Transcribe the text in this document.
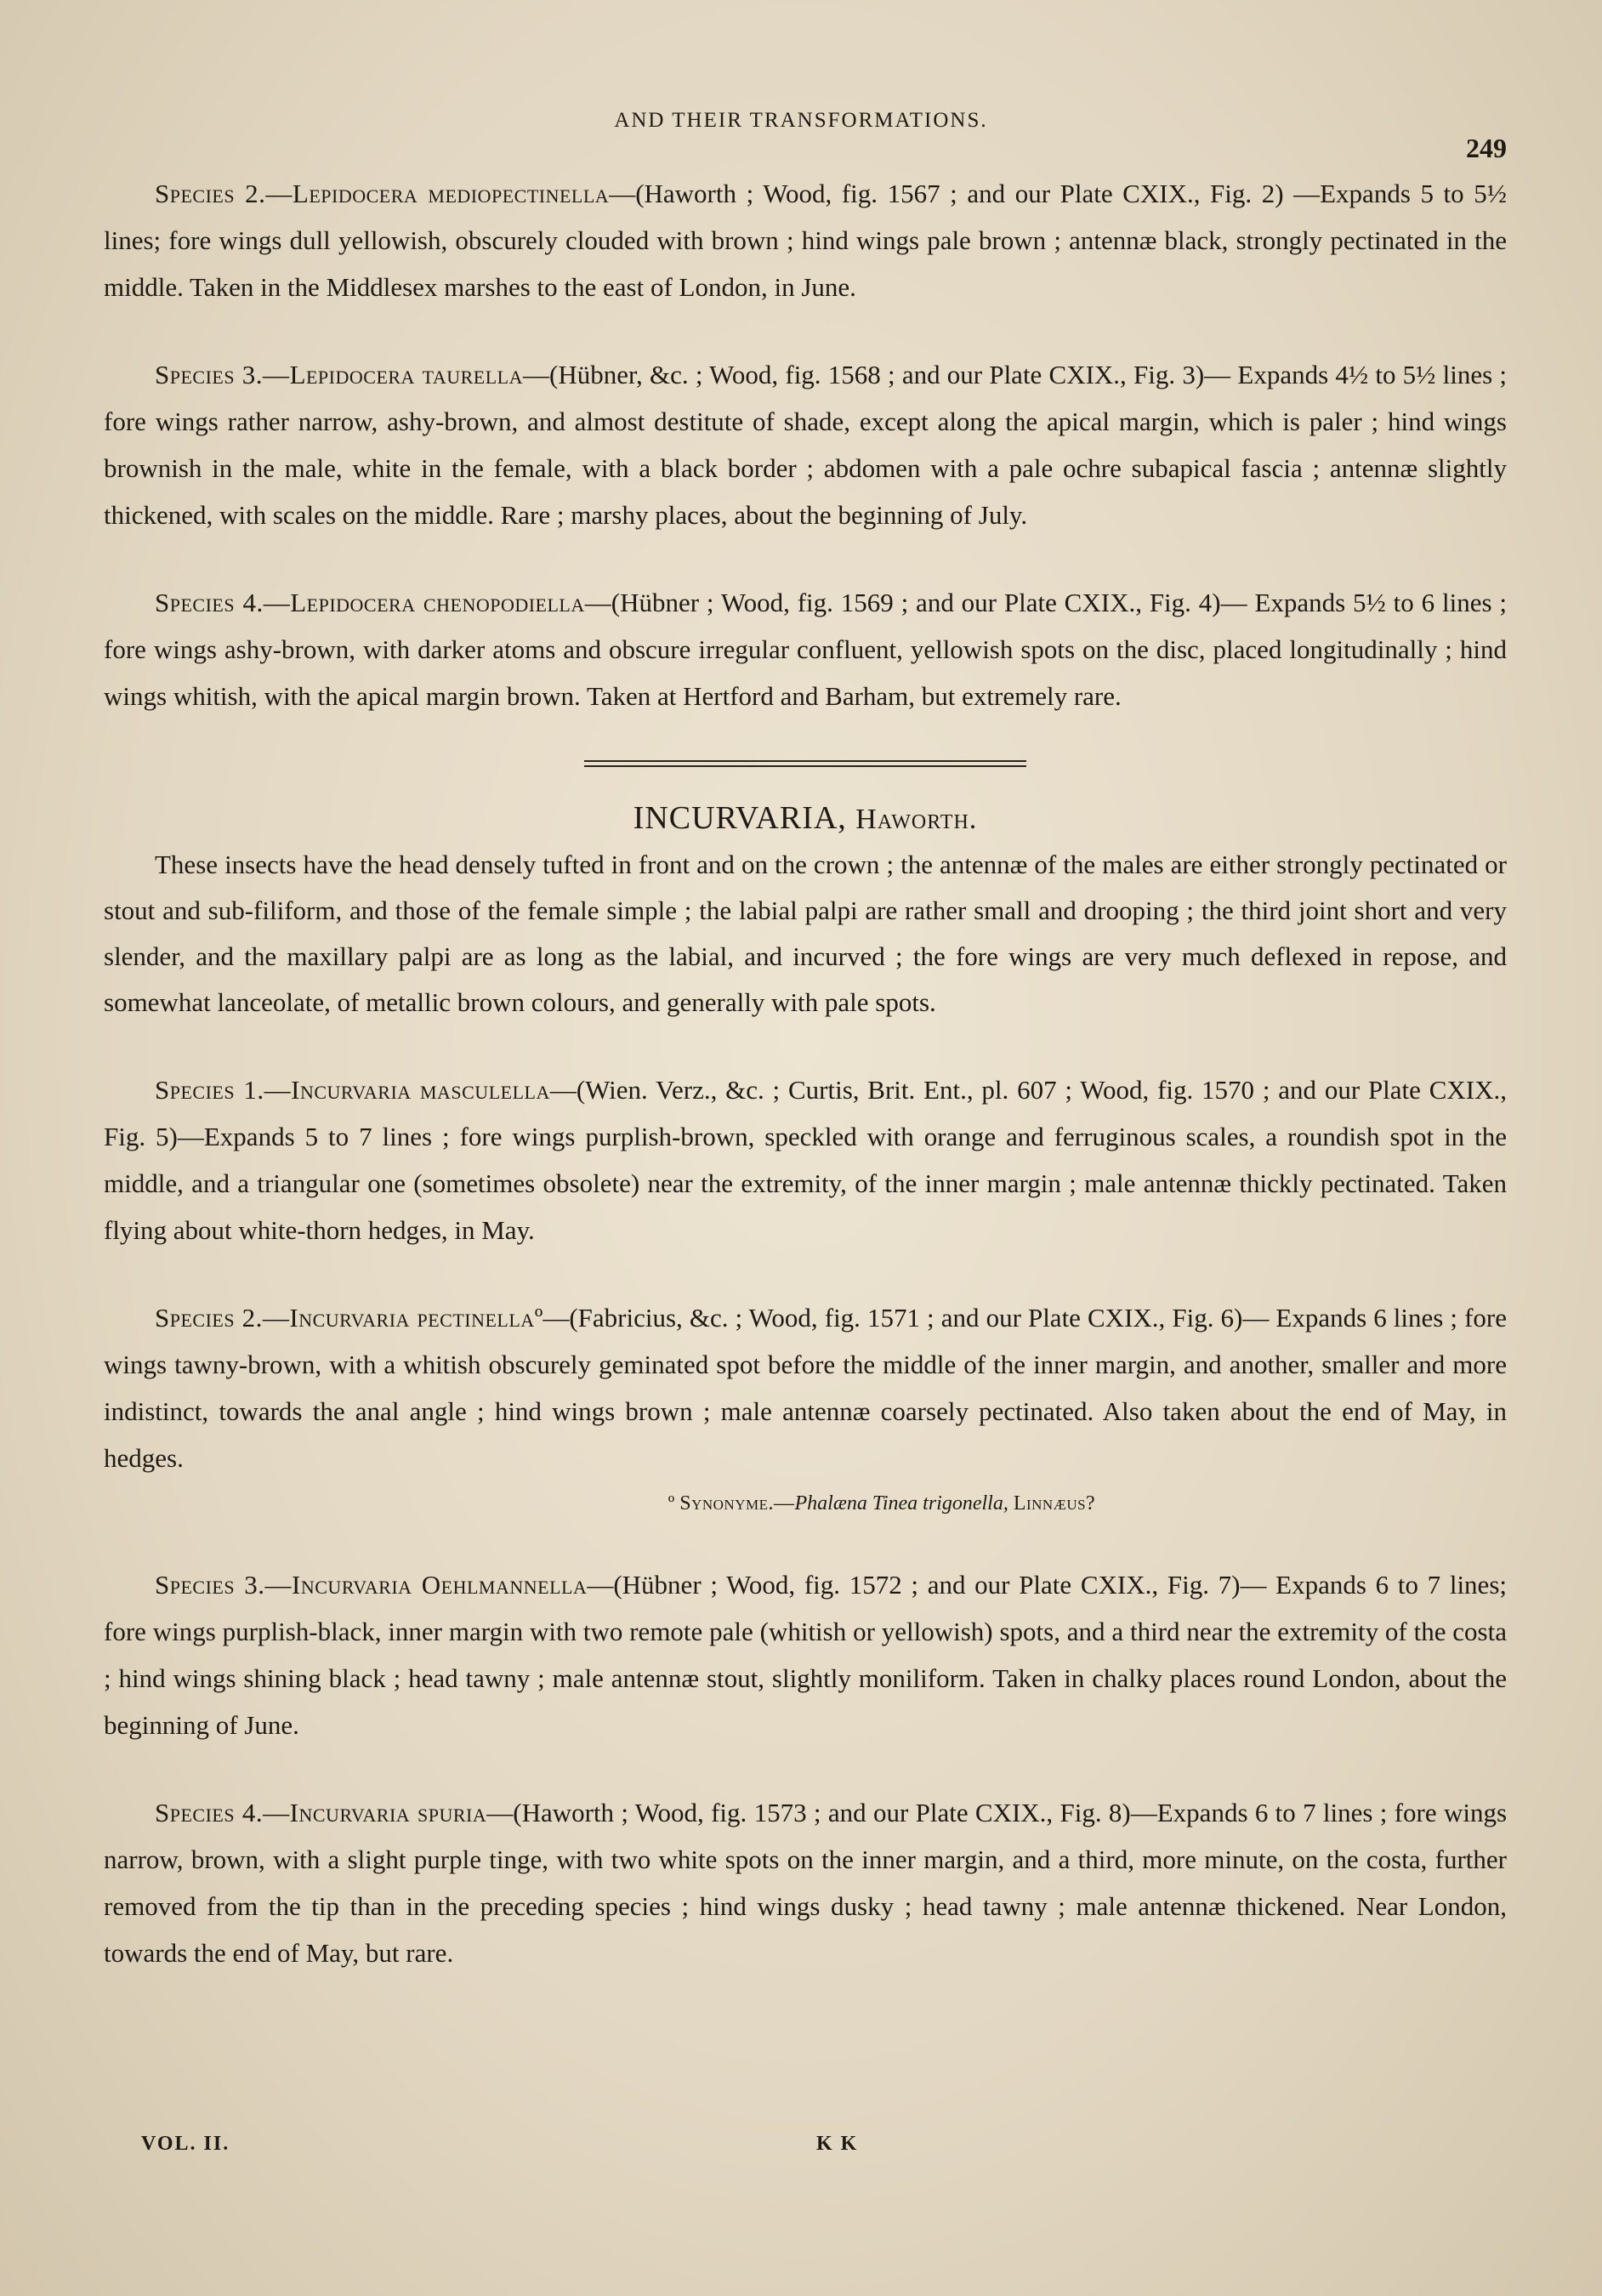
AND THEIR TRANSFORMATIONS.
249

Species 2.—Lepidocera mediopectinella—(Haworth ; Wood, fig. 1567 ; and our Plate CXIX., Fig. 2) —Expands 5 to 5½ lines; fore wings dull yellowish, obscurely clouded with brown ; hind wings pale brown ; antennæ black, strongly pectinated in the middle. Taken in the Middlesex marshes to the east of London, in June.

Species 3.—Lepidocera taurella—(Hübner, &c. ; Wood, fig. 1568 ; and our Plate CXIX., Fig. 3)— Expands 4½ to 5½ lines ; fore wings rather narrow, ashy-brown, and almost destitute of shade, except along the apical margin, which is paler ; hind wings brownish in the male, white in the female, with a black border ; abdomen with a pale ochre subapical fascia ; antennæ slightly thickened, with scales on the middle. Rare ; marshy places, about the beginning of July.

Species 4.—Lepidocera chenopodiella—(Hübner ; Wood, fig. 1569 ; and our Plate CXIX., Fig. 4)— Expands 5½ to 6 lines ; fore wings ashy-brown, with darker atoms and obscure irregular confluent, yellowish spots on the disc, placed longitudinally ; hind wings whitish, with the apical margin brown. Taken at Hertford and Barham, but extremely rare.

INCURVARIA, Haworth.

These insects have the head densely tufted in front and on the crown ; the antennæ of the males are either strongly pectinated or stout and sub-filiform, and those of the female simple ; the labial palpi are rather small and drooping ; the third joint short and very slender, and the maxillary palpi are as long as the labial, and incurved ; the fore wings are very much deflexed in repose, and somewhat lanceolate, of metallic brown colours, and generally with pale spots.

Species 1.—Incurvaria masculella—(Wien. Verz., &c. ; Curtis, Brit. Ent., pl. 607 ; Wood, fig. 1570 ; and our Plate CXIX., Fig. 5)—Expands 5 to 7 lines ; fore wings purplish-brown, speckled with orange and ferruginous scales, a roundish spot in the middle, and a triangular one (sometimes obsolete) near the extremity, of the inner margin ; male antennæ thickly pectinated. Taken flying about white-thorn hedges, in May.

Species 2.—Incurvaria pectinellaº—(Fabricius, &c. ; Wood, fig. 1571 ; and our Plate CXIX., Fig. 6)— Expands 6 lines ; fore wings tawny-brown, with a whitish obscurely geminated spot before the middle of the inner margin, and another, smaller and more indistinct, towards the anal angle ; hind wings brown ; male antennæ coarsely pectinated. Also taken about the end of May, in hedges.

º Synonyme.—Phalæna Tinea trigonella, Linnæus?

Species 3.—Incurvaria Oehlmannella—(Hübner ; Wood, fig. 1572 ; and our Plate CXIX., Fig. 7)— Expands 6 to 7 lines; fore wings purplish-black, inner margin with two remote pale (whitish or yellowish) spots, and a third near the extremity of the costa ; hind wings shining black ; head tawny ; male antennæ stout, slightly moniliform. Taken in chalky places round London, about the beginning of June.

Species 4.—Incurvaria spuria—(Haworth ; Wood, fig. 1573 ; and our Plate CXIX., Fig. 8)—Expands 6 to 7 lines ; fore wings narrow, brown, with a slight purple tinge, with two white spots on the inner margin, and a third, more minute, on the costa, further removed from the tip than in the preceding species ; hind wings dusky ; head tawny ; male antennæ thickened. Near London, towards the end of May, but rare.

VOL. II.	K K
